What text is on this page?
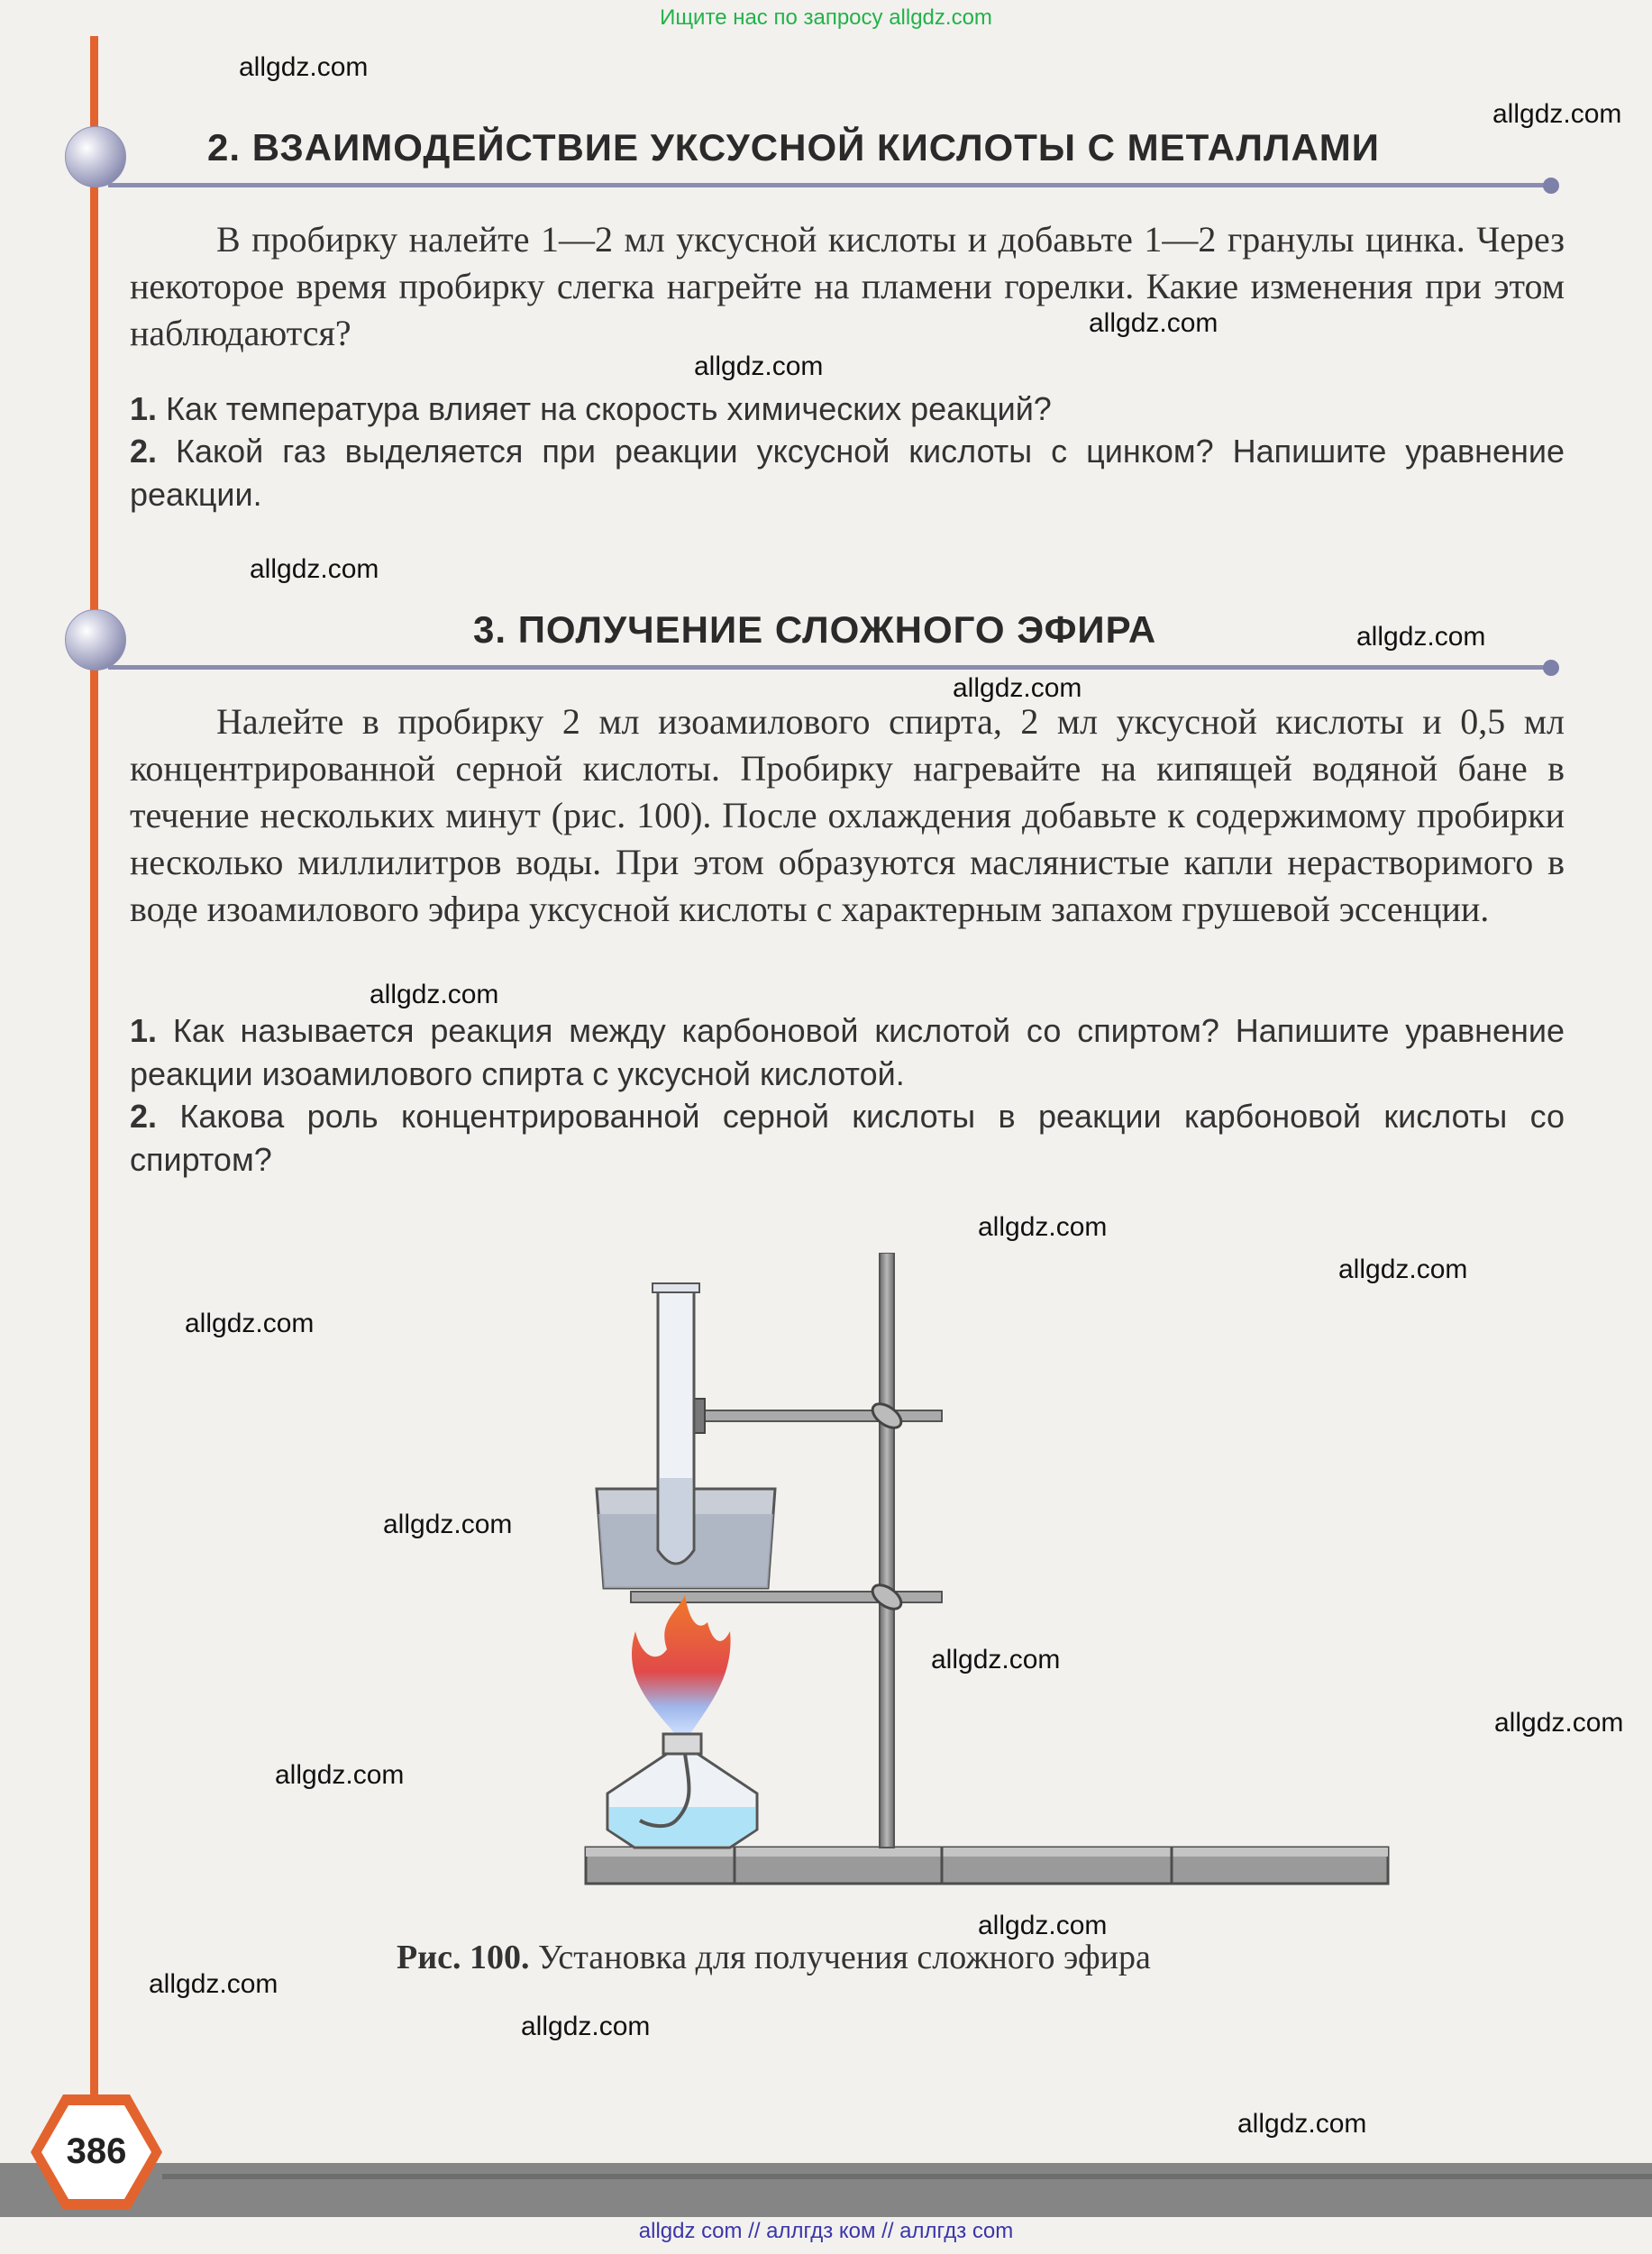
Ищите нас по запросу allgdz.com
2. ВЗАИМОДЕЙСТВИЕ УКСУСНОЙ КИСЛОТЫ С МЕТАЛЛАМИ
В пробирку налейте 1—2 мл уксусной кислоты и добавьте 1—2 гранулы цинка. Через некоторое время пробирку слегка нагрейте на пламени горелки. Какие изменения при этом наблюдаются?
1. Как температура влияет на скорость химических реакций?
2. Какой газ выделяется при реакции уксусной кислоты с цинком? Напишите уравнение реакции.
3. ПОЛУЧЕНИЕ СЛОЖНОГО ЭФИРА
Налейте в пробирку 2 мл изоамилового спирта, 2 мл уксусной кислоты и 0,5 мл концентрированной серной кислоты. Пробирку нагревайте на кипящей водяной бане в течение нескольких минут (рис. 100). После охлаждения добавьте к содержимому пробирки несколько миллилитров воды. При этом образуются маслянистые капли нерастворимого в воде изоамилового эфира уксусной кислоты с характерным запахом грушевой эссенции.
1. Как называется реакция между карбоновой кислотой со спиртом? Напишите уравнение реакции изоамилового спирта с уксусной кислотой.
2. Какова роль концентрированной серной кислоты в реакции карбоновой кислоты со спиртом?
Рис. 100. Установка для получения сложного эфира
386
allgdz com // аллгдз ком // аллгдз com
allgdz.com
allgdz.com
allgdz.com
allgdz.com
allgdz.com
allgdz.com
allgdz.com
allgdz.com
allgdz.com
allgdz.com
allgdz.com
allgdz.com
allgdz.com
allgdz.com
allgdz.com
allgdz.com
allgdz.com
allgdz.com
allgdz.com
